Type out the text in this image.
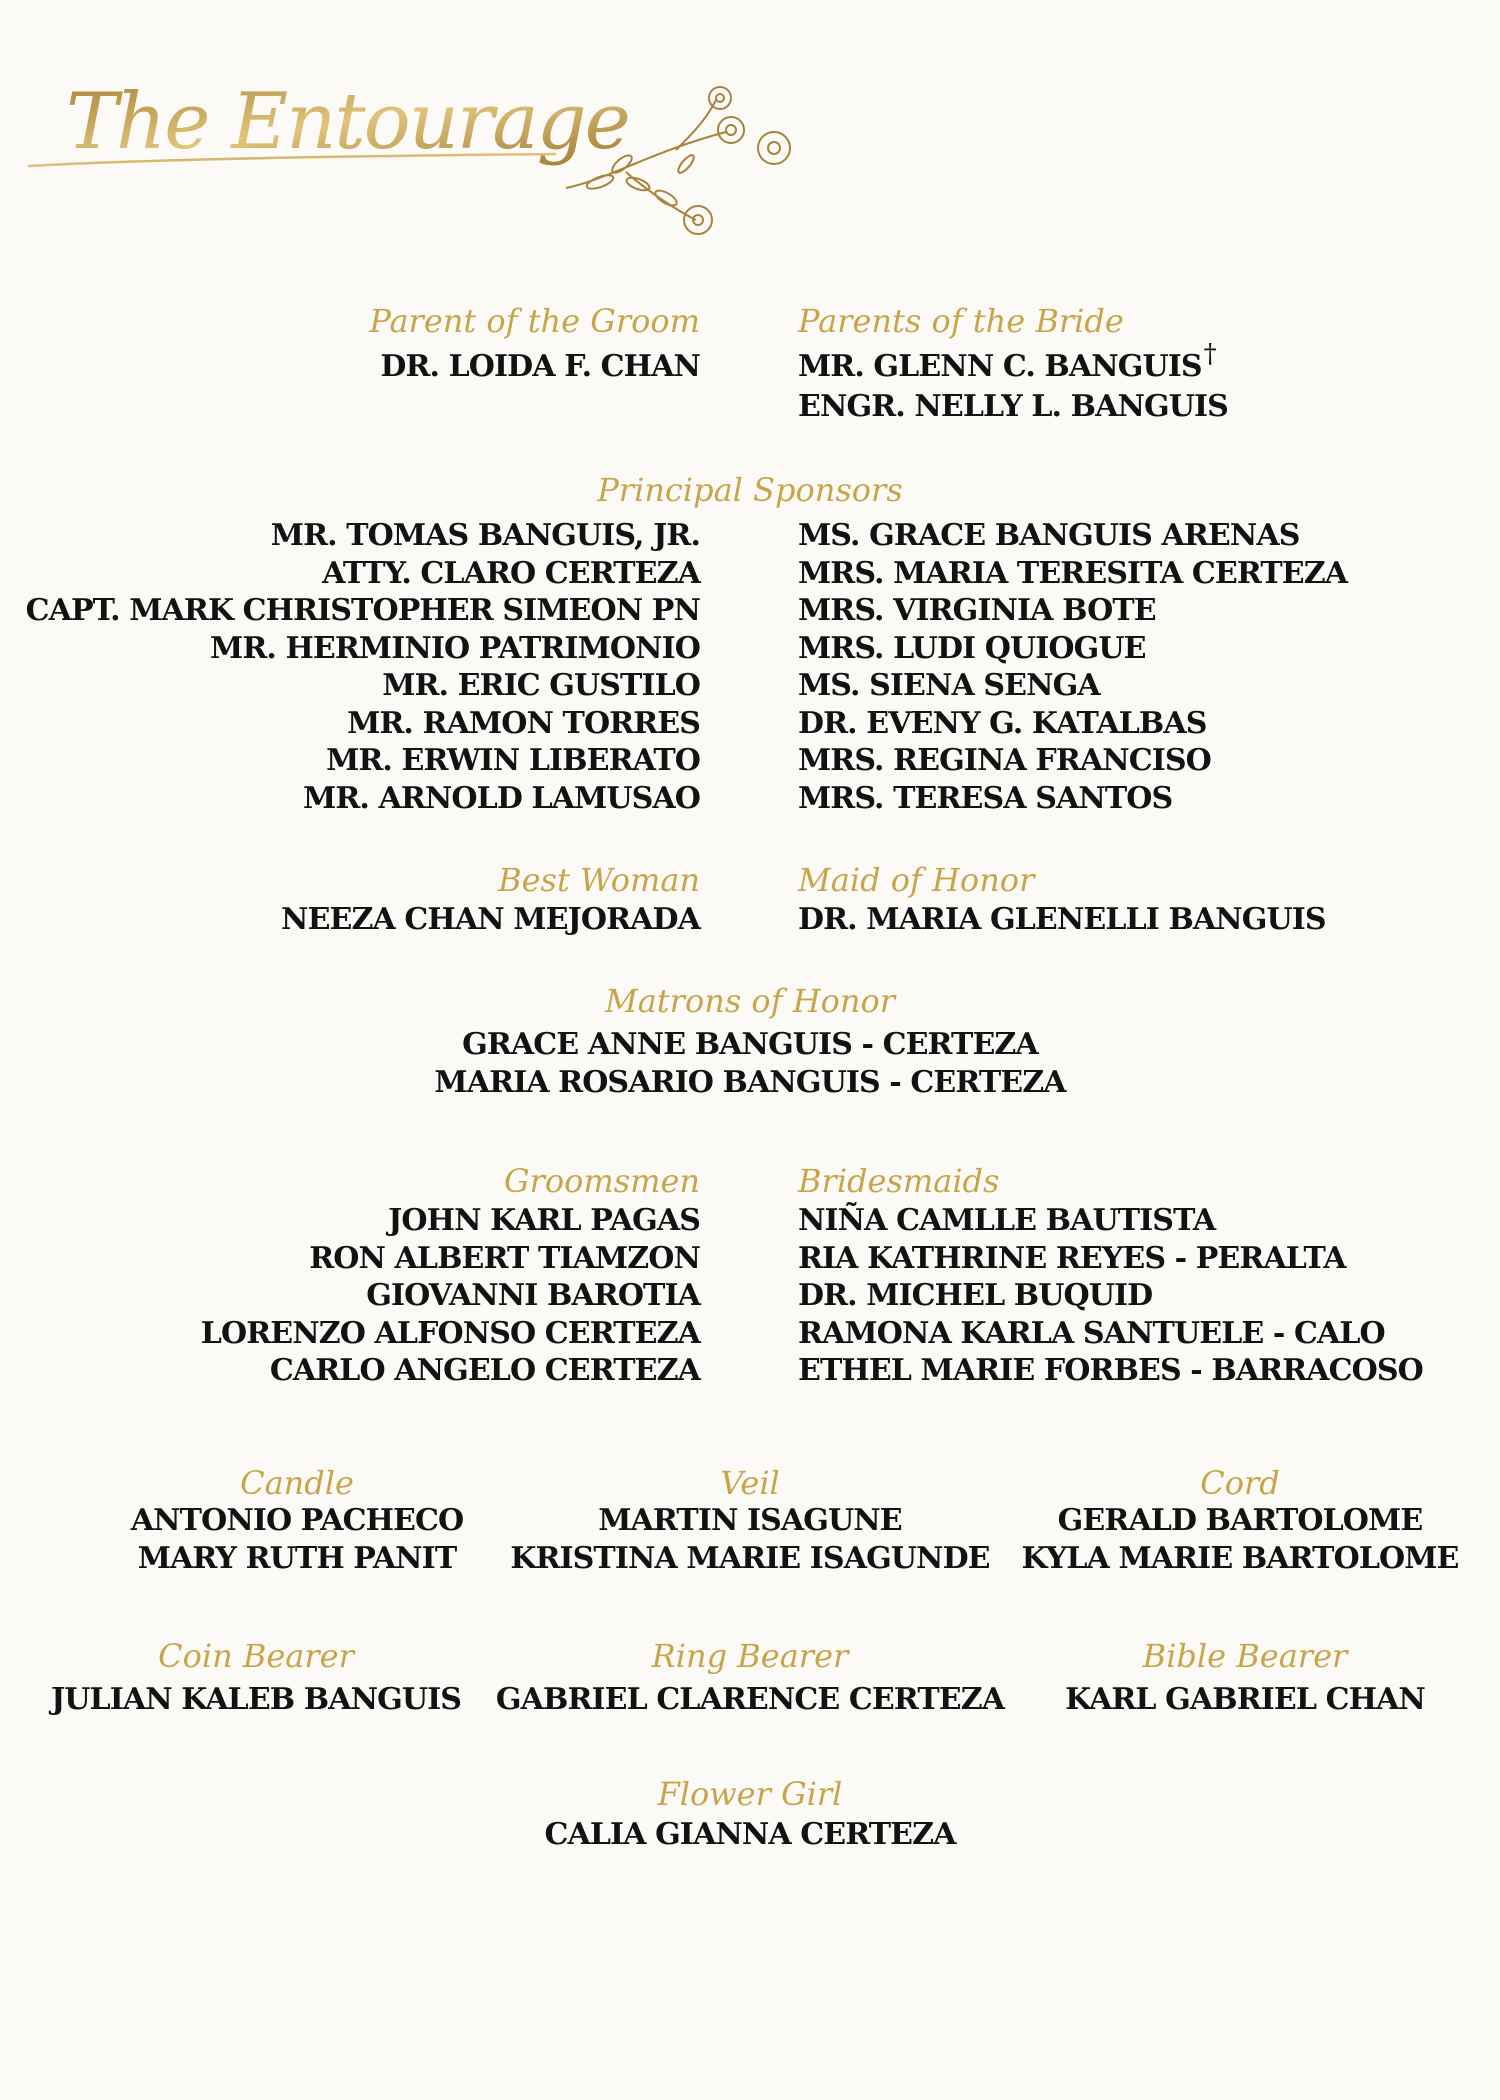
The Entourage
Parent of the Groom
DR. LOIDA F. CHAN
Parents of the Bride
MR. GLENN C. BANGUIS†
ENGR. NELLY L. BANGUIS
Principal Sponsors
MR. TOMAS BANGUIS, JR.
ATTY. CLARO CERTEZA
CAPT. MARK CHRISTOPHER SIMEON PN
MR. HERMINIO PATRIMONIO
MR. ERIC GUSTILO
MR. RAMON TORRES
MR. ERWIN LIBERATO
MR. ARNOLD LAMUSAO
MS. GRACE BANGUIS ARENAS
MRS. MARIA TERESITA CERTEZA
MRS. VIRGINIA BOTE
MRS. LUDI QUIOGUE
MS. SIENA SENGA
DR. EVENY G. KATALBAS
MRS. REGINA FRANCISO
MRS. TERESA SANTOS
Best Woman
NEEZA CHAN MEJORADA
Maid of Honor
DR. MARIA GLENELLI BANGUIS
Matrons of Honor
GRACE ANNE BANGUIS - CERTEZA
MARIA ROSARIO BANGUIS - CERTEZA
Groomsmen
JOHN KARL PAGAS
RON ALBERT TIAMZON
GIOVANNI BAROTIA
LORENZO ALFONSO CERTEZA
CARLO ANGELO CERTEZA
Bridesmaids
NIÑA CAMLLE BAUTISTA
RIA KATHRINE REYES - PERALTA
DR. MICHEL BUQUID
RAMONA KARLA SANTUELE - CALO
ETHEL MARIE FORBES - BARRACOSO
Candle
ANTONIO PACHECO
MARY RUTH PANIT
Veil
MARTIN ISAGUNE
KRISTINA MARIE ISAGUNDE
Cord
GERALD BARTOLOME
KYLA MARIE BARTOLOME
Coin Bearer
JULIAN KALEB BANGUIS
Ring Bearer
GABRIEL CLARENCE CERTEZA
Bible Bearer
KARL GABRIEL CHAN
Flower Girl
CALIA GIANNA CERTEZA
